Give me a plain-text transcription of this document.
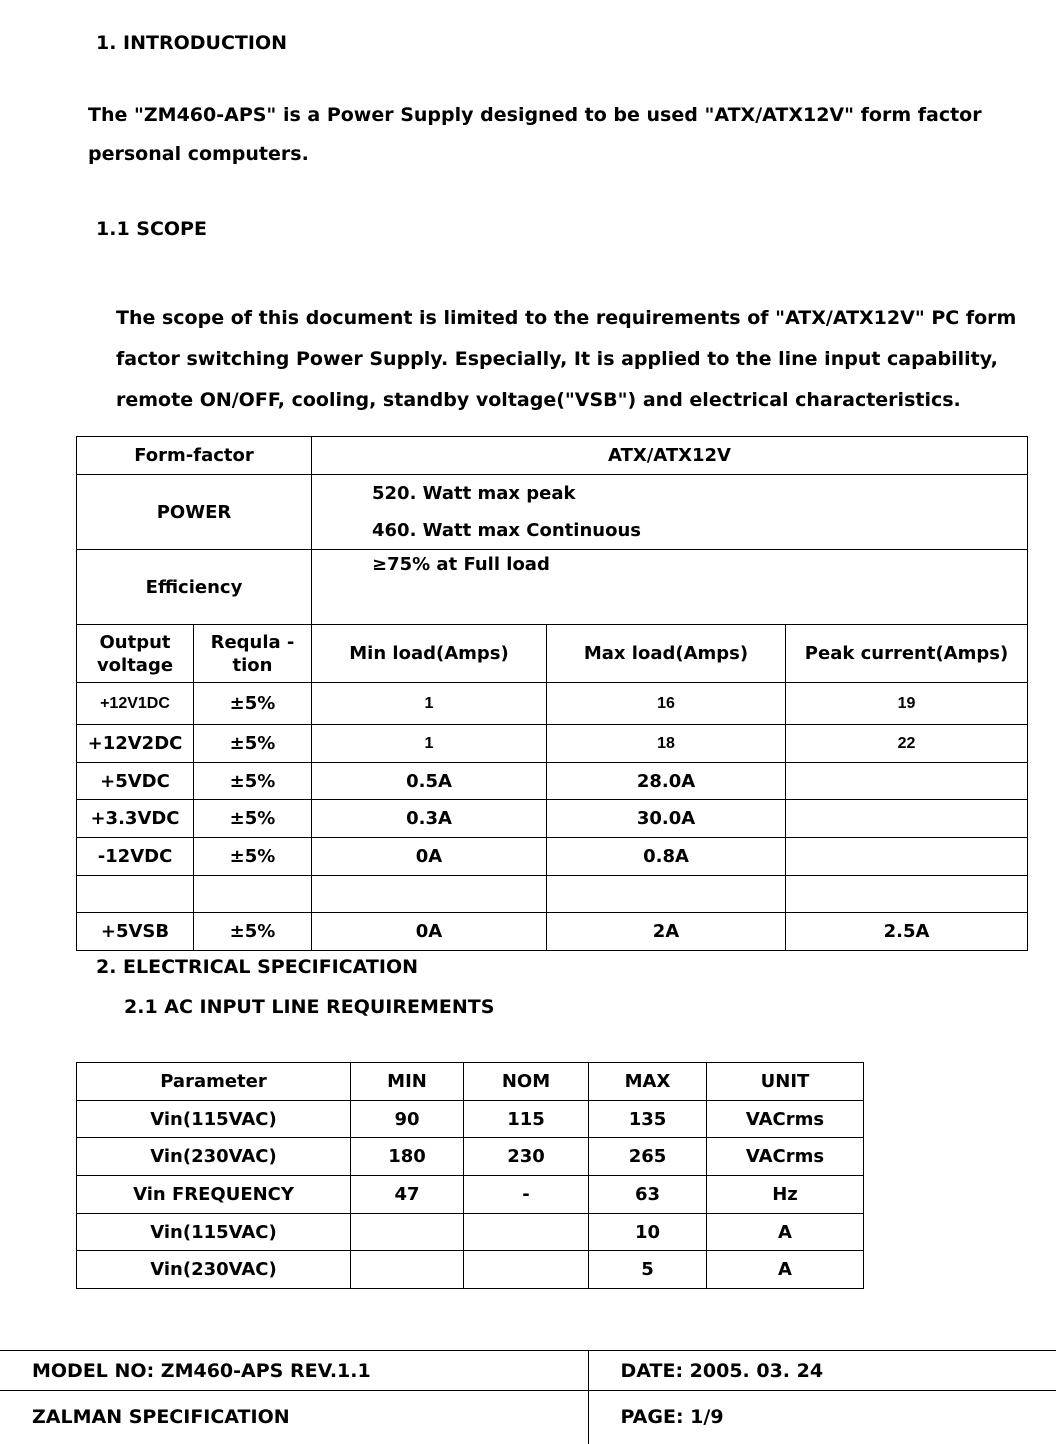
1. INTRODUCTION
The "ZM460-APS" is a Power Supply designed to be used "ATX/ATX12V" form factor personal computers.
1.1 SCOPE
The scope of this document is limited to the requirements of "ATX/ATX12V" PC form factor switching Power Supply. Especially, It is applied to the line input capability, remote ON/OFF, cooling, standby voltage("VSB") and electrical characteristics.
Form-factor		ATX/ATX12V		
POWER		520. Watt max peak
460. Watt max Continuous		

Efficiency		≥75% at Full load		

Output voltage	Requla -tion	Min load(Amps)	Max load(Amps)	Peak current(Amps)
+12V1DC	±5%	1	16	19
+12V2DC	±5%	1	18	22
+5VDC	±5%	0.5A	28.0A	
+3.3VDC	±5%	0.3A	30.0A	
-12VDC	±5%	0A	0.8A	

+5VSB	±5%	0A	2A	2.5A
2. ELECTRICAL SPECIFICATION
2.1 AC INPUT LINE REQUIREMENTS
Parameter	MIN	NOM	MAX	UNIT
Vin(115VAC)	90	115	135	VACrms
Vin(230VAC)	180	230	265	VACrms
Vin FREQUENCY	47	-	63	Hz
Vin(115VAC)			10	A
Vin(230VAC)			5	A
MODEL NO: ZM460-APS REV.1.1	DATE: 2005. 03. 24
ZALMAN SPECIFICATION	PAGE: 1/9
